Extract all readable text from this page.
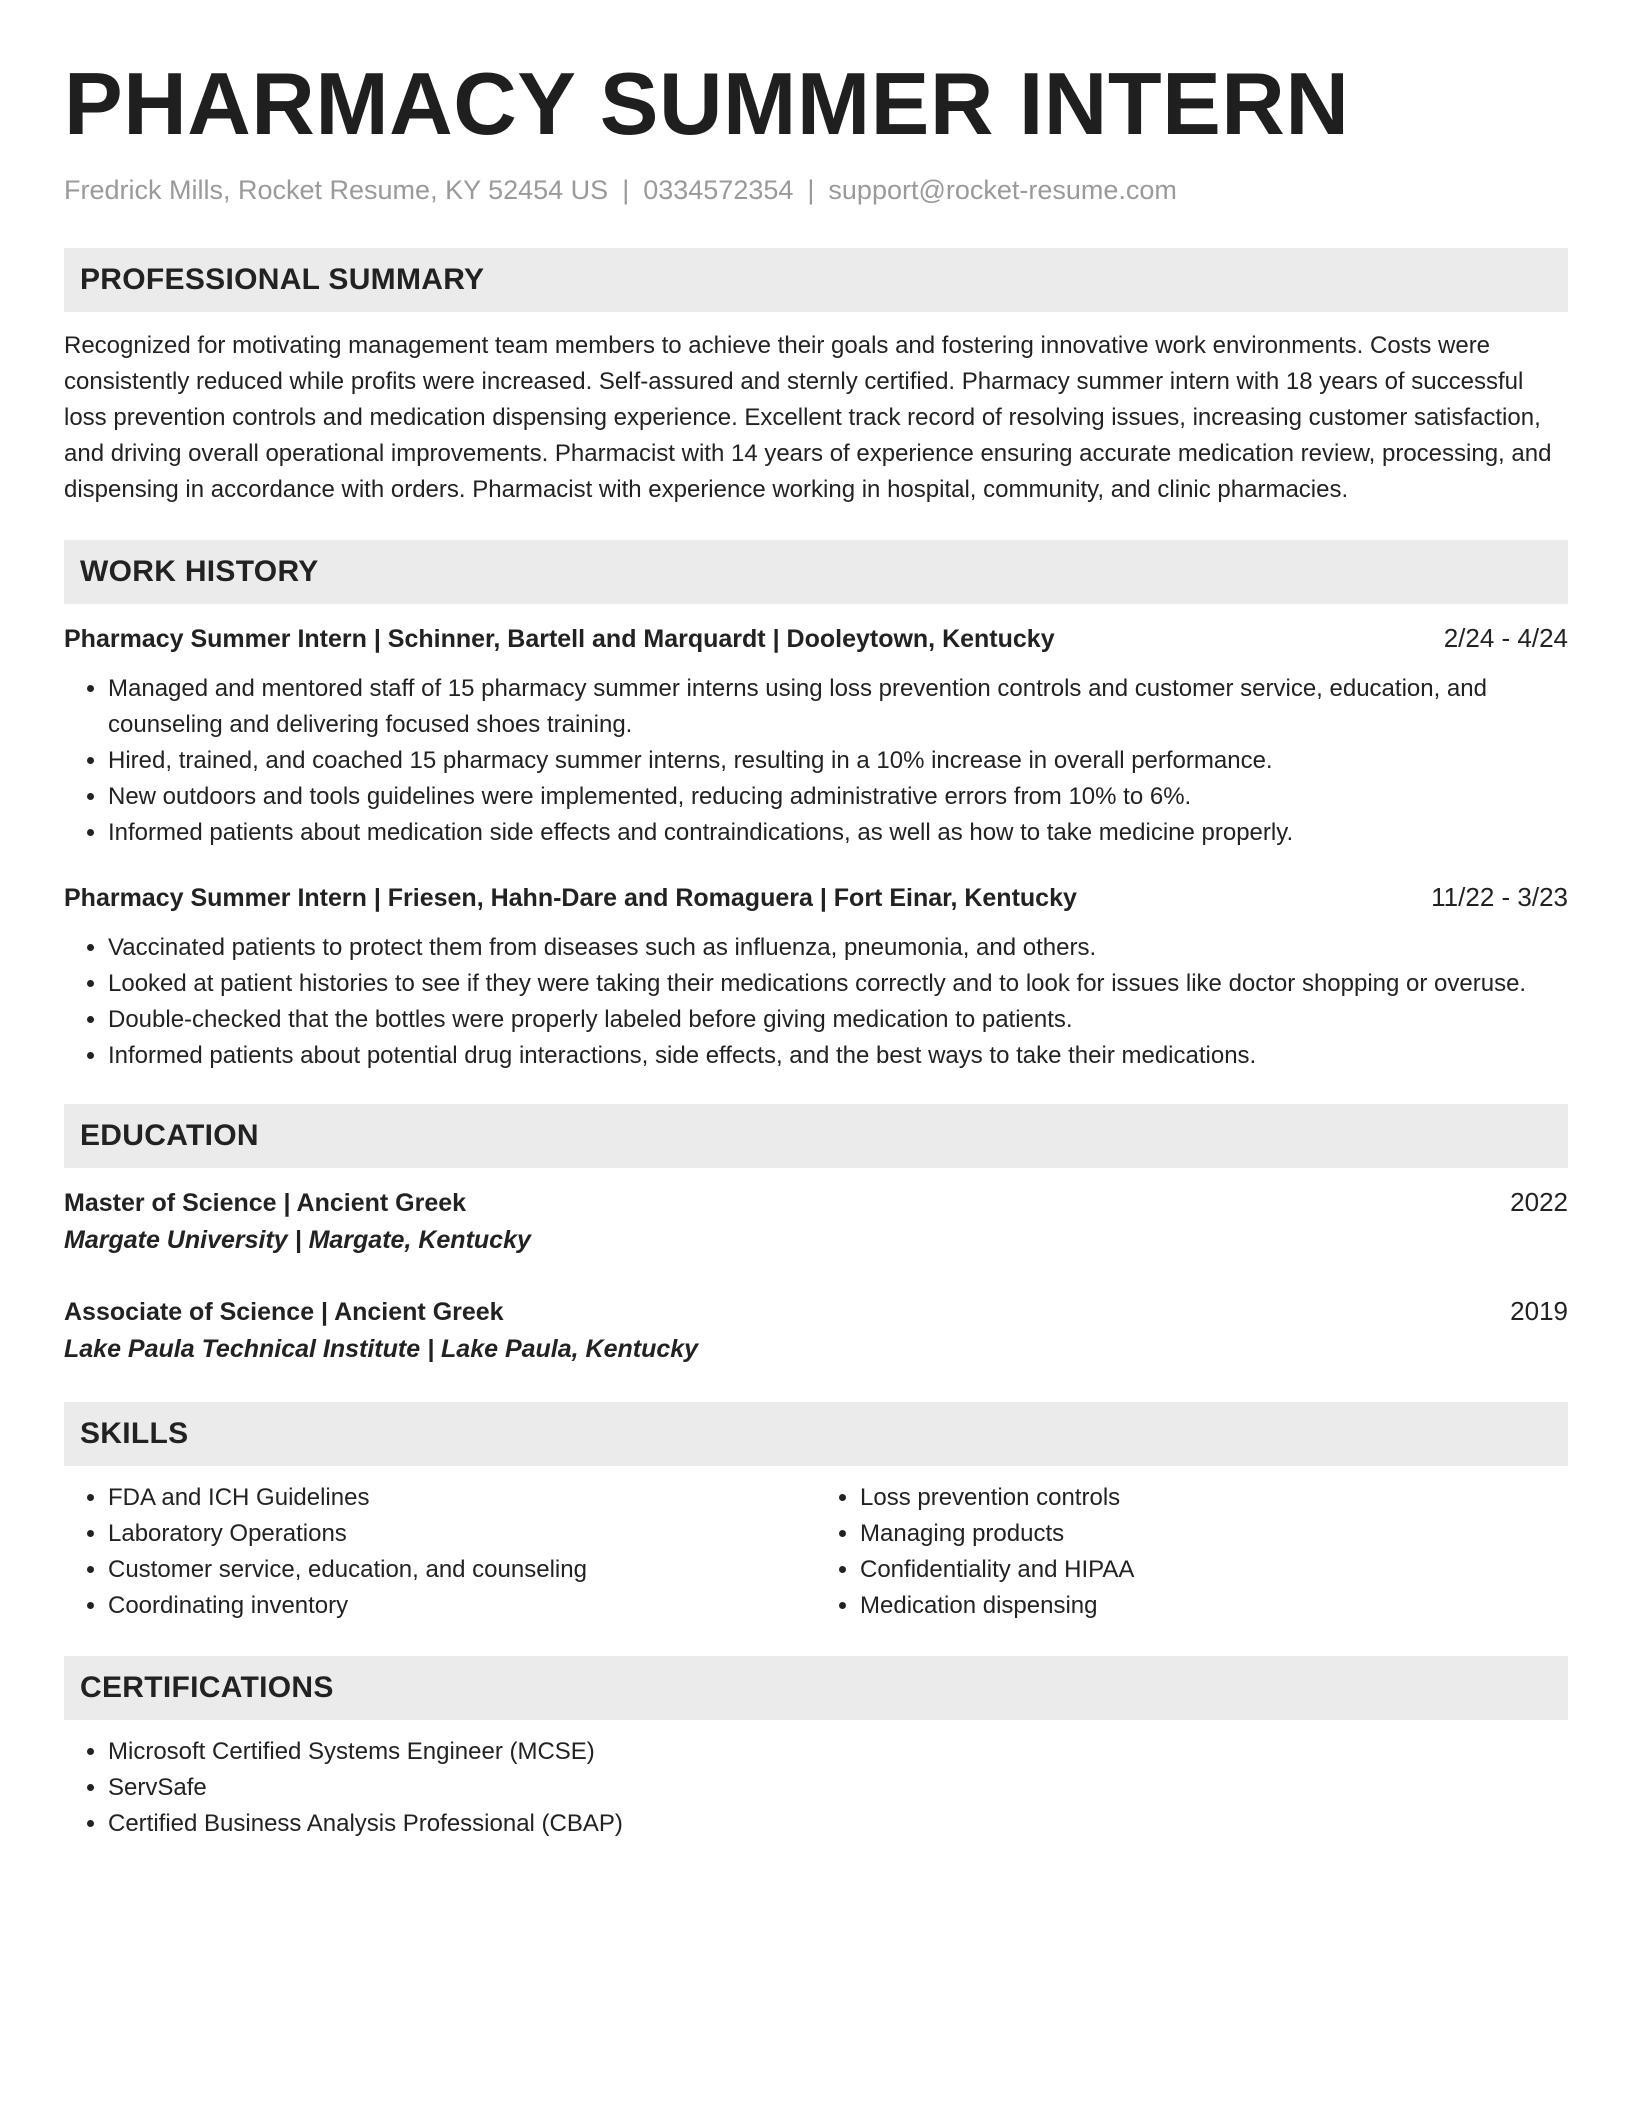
PHARMACY SUMMER INTERN
Fredrick Mills, Rocket Resume, KY 52454 US | 0334572354 | support@rocket-resume.com
PROFESSIONAL SUMMARY
Recognized for motivating management team members to achieve their goals and fostering innovative work environments. Costs were consistently reduced while profits were increased. Self-assured and sternly certified. Pharmacy summer intern with 18 years of successful loss prevention controls and medication dispensing experience. Excellent track record of resolving issues, increasing customer satisfaction, and driving overall operational improvements. Pharmacist with 14 years of experience ensuring accurate medication review, processing, and dispensing in accordance with orders. Pharmacist with experience working in hospital, community, and clinic pharmacies.
WORK HISTORY
Pharmacy Summer Intern | Schinner, Bartell and Marquardt | Dooleytown, Kentucky	2/24 - 4/24
• Managed and mentored staff of 15 pharmacy summer interns using loss prevention controls and customer service, education, and counseling and delivering focused shoes training.
• Hired, trained, and coached 15 pharmacy summer interns, resulting in a 10% increase in overall performance.
• New outdoors and tools guidelines were implemented, reducing administrative errors from 10% to 6%.
• Informed patients about medication side effects and contraindications, as well as how to take medicine properly.
Pharmacy Summer Intern | Friesen, Hahn-Dare and Romaguera | Fort Einar, Kentucky	11/22 - 3/23
• Vaccinated patients to protect them from diseases such as influenza, pneumonia, and others.
• Looked at patient histories to see if they were taking their medications correctly and to look for issues like doctor shopping or overuse.
• Double-checked that the bottles were properly labeled before giving medication to patients.
• Informed patients about potential drug interactions, side effects, and the best ways to take their medications.
EDUCATION
Master of Science | Ancient Greek	2022
Margate University | Margate, Kentucky
Associate of Science | Ancient Greek	2019
Lake Paula Technical Institute | Lake Paula, Kentucky
SKILLS
• FDA and ICH Guidelines
• Laboratory Operations
• Customer service, education, and counseling
• Coordinating inventory
• Loss prevention controls
• Managing products
• Confidentiality and HIPAA
• Medication dispensing
CERTIFICATIONS
• Microsoft Certified Systems Engineer (MCSE)
• ServSafe
• Certified Business Analysis Professional (CBAP)
